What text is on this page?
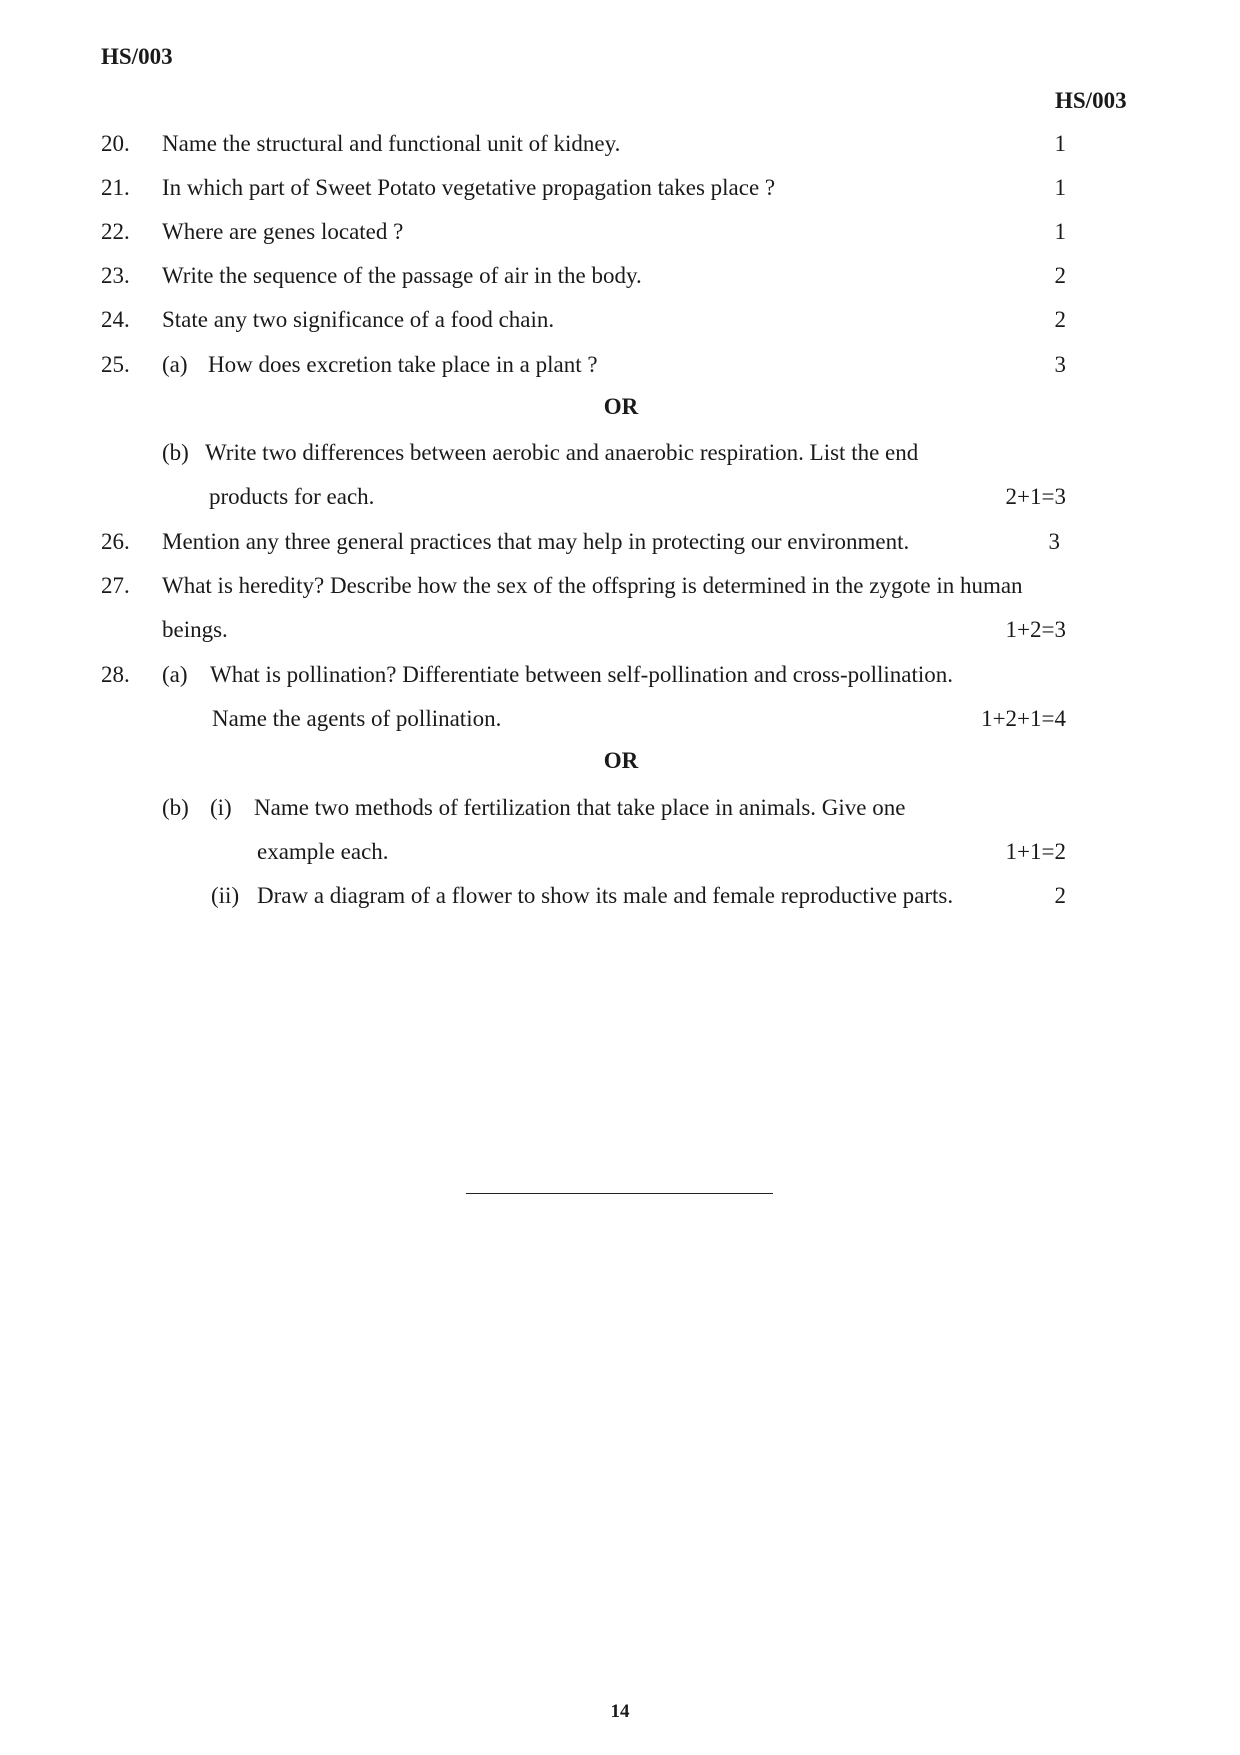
HS/003
HS/003
20. Name the structural and functional unit of kidney.	1
21. In which part of Sweet Potato vegetative propagation takes place ?	1
22. Where are genes located ?	1
23. Write the sequence of the passage of air in the body.	2
24. State any two significance of a food chain.	2
25. (a) How does excretion take place in a plant ?	3
OR
(b) Write two differences between aerobic and anaerobic respiration. List the end
products for each.	2+1=3
26. Mention any three general practices that may help in protecting our environment.	3
27. What is heredity? Describe how the sex of the offspring is determined in the zygote in human
beings.	1+2=3
28. (a) What is pollination? Differentiate between self-pollination and cross-pollination.
Name the agents of pollination.	1+2+1=4
OR
(b) (i) Name two methods of fertilization that take place in animals. Give one
example each.	1+1=2
(ii) Draw a diagram of a flower to show its male and female reproductive parts.	2
14
